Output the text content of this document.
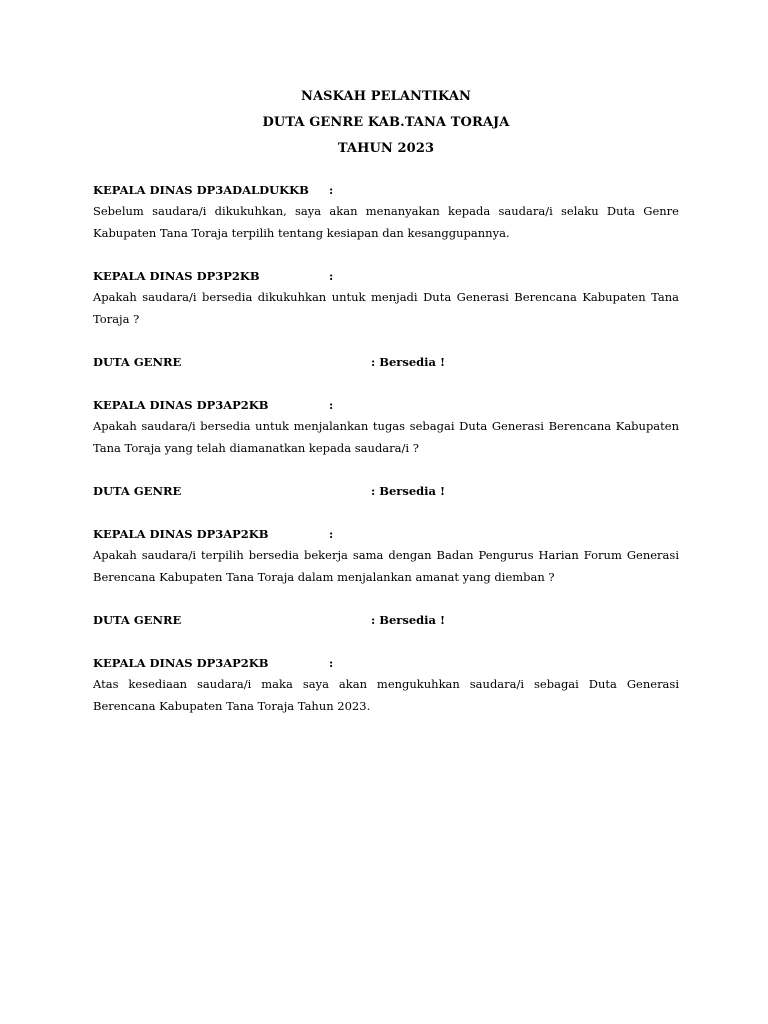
NASKAH PELANTIKAN
DUTA GENRE KAB.TANA TORAJA
TAHUN 2023
KEPALA DINAS DP3ADALDUKKB :
Sebelum saudara/i dikukuhkan, saya akan menanyakan kepada saudara/i selaku Duta Genre Kabupaten Tana Toraja terpilih tentang kesiapan dan kesanggupannya.
KEPALA DINAS DP3P2KB	:
Apakah saudara/i bersedia dikukuhkan untuk menjadi Duta Generasi Berencana Kabupaten Tana Toraja ?
DUTA GENRE	: Bersedia !
KEPALA DINAS DP3AP2KB	:
Apakah saudara/i bersedia untuk menjalankan tugas sebagai Duta Generasi Berencana Kabupaten Tana Toraja yang telah diamanatkan kepada saudara/i ?
DUTA GENRE	: Bersedia !
KEPALA DINAS DP3AP2KB	:
Apakah saudara/i terpilih bersedia bekerja sama dengan Badan Pengurus Harian Forum Generasi Berencana Kabupaten Tana Toraja dalam menjalankan amanat yang diemban ?
DUTA GENRE	: Bersedia !
KEPALA DINAS DP3AP2KB	:
Atas kesediaan saudara/i maka saya akan mengukuhkan saudara/i sebagai Duta Generasi Berencana Kabupaten Tana Toraja Tahun 2023.
